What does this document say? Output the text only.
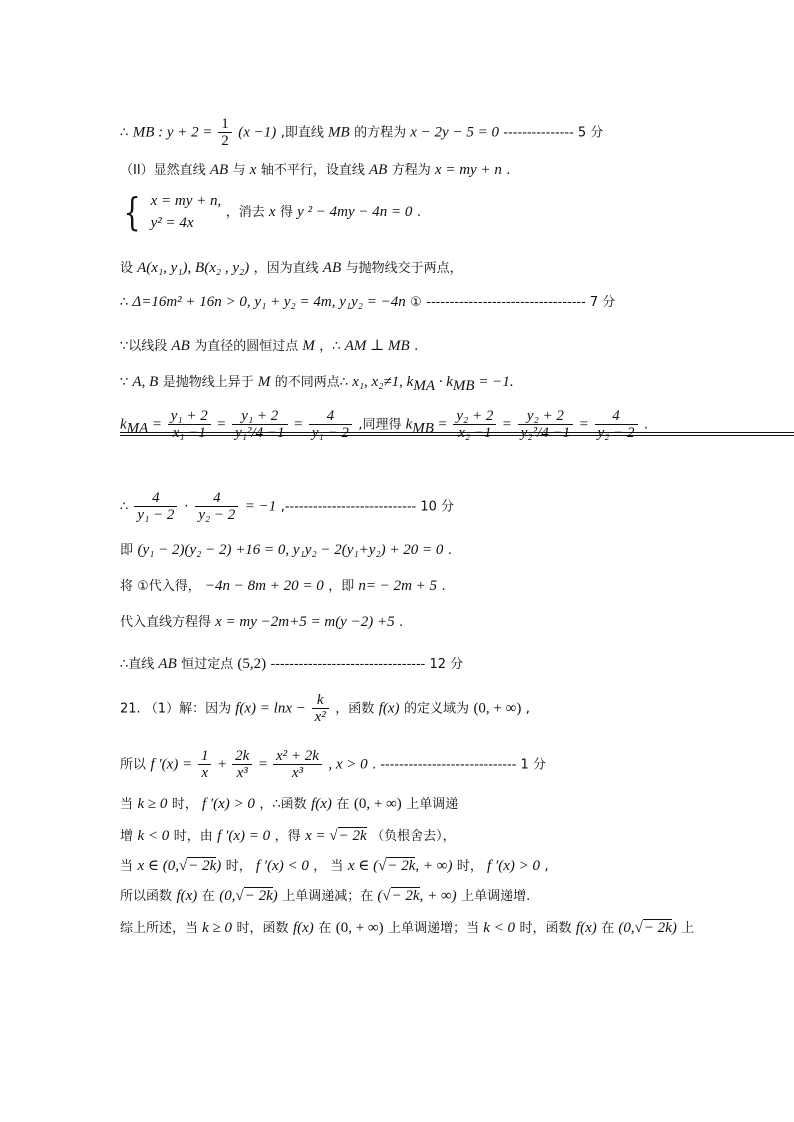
∴ MB : $y + 2 = \frac{1}{2} (x -1)$ ,即直线 MB 的方程为 x − 2y − 5 = 0 --------------- 5 分
（II）显然直线 AB 与 x 轴不平行，设直线 AB 方程为 x = my + n .
{ x = my + n,
y² = 4x
，消去 x 得 y ² − 4my − 4n = 0 .
设 A(x₁, y₁), B(x₂ , y₂) ，因为直线 AB 与抛物线交于两点，
∴ Δ=16m² + 16n > 0, y₁ + y₂ = 4m, y₁y₂ = −4n ① ---------------------------------- 7 分
∵以线段 AB 为直径的圆恒过点 M ，∴ AM ⊥ MB .
∵ A, B 是抛物线上异于 M 的不同两点∴ x₁, x₂≠1, $k_{MA} \cdot k_{MB} = -1$.
$k_{MA} = \frac{\text{y₁ + 2}}{\text{x₁ −1}} = \frac{\text{y₁ + 2}}{\text{y₁²/4 −1}} = \frac{4}{\text{y₁ − 2}}$ ,同理得 $k_{MB} = \frac{\text{y₂ + 2}}{\text{x₂ −1}} = \frac{\text{y₂ + 2}}{\text{y₂²/4 −1}} = \frac{4}{\text{y₂ − 2}}$ .
∴ $\frac{4}{\text{y₁ − 2}} \cdot \frac{4}{\text{y₂ − 2}} = -1$ ,---------------------------- 10 分
即 (y₁ − 2)(y₂ − 2) +16 = 0, y₁y₂ − 2(y₁+y₂) + 20 = 0 .
将 ①代入得， −4n − 8m + 20 = 0 ，即 n= − 2m + 5 .
代入直线方程得 x = my −2m+5 = m(y −2) +5 .
∴直线 AB 恒过定点 (5,2) --------------------------------- 12 分
21. （1）解：因为 $f(x) = \ln x - \frac{k}{\text{x²}}$ ，函数 f(x) 的定义域为 (0, + ∞) ,
所以 f $'(x) = \frac{1}{x} + \frac{2k}{\text{x³}} = \frac{\text{x² + 2k}}{\text{x³}}$ , x > 0 . ----------------------------- 1 分
当 k ≥ 0 时， f ′(x) > 0 ，∴函数 f(x) 在 (0, + ∞) 上单调递
增 k < 0 时，由 f ′(x) = 0 ，得 x = √− 2k （负根舍去），
当 x ∈ (0,√− 2k) 时， f ′(x) < 0 ， 当 x ∈ (√− 2k, + ∞) 时， f ′(x) > 0 ,
所以函数 f(x) 在 (0,√− 2k) 上单调递减；在 (√− 2k, + ∞) 上单调递增.
综上所述，当 k ≥ 0 时，函数 f(x) 在 (0, + ∞) 上单调递增；当 k < 0 时，函数 f(x) 在 (0,√− 2k) 上
